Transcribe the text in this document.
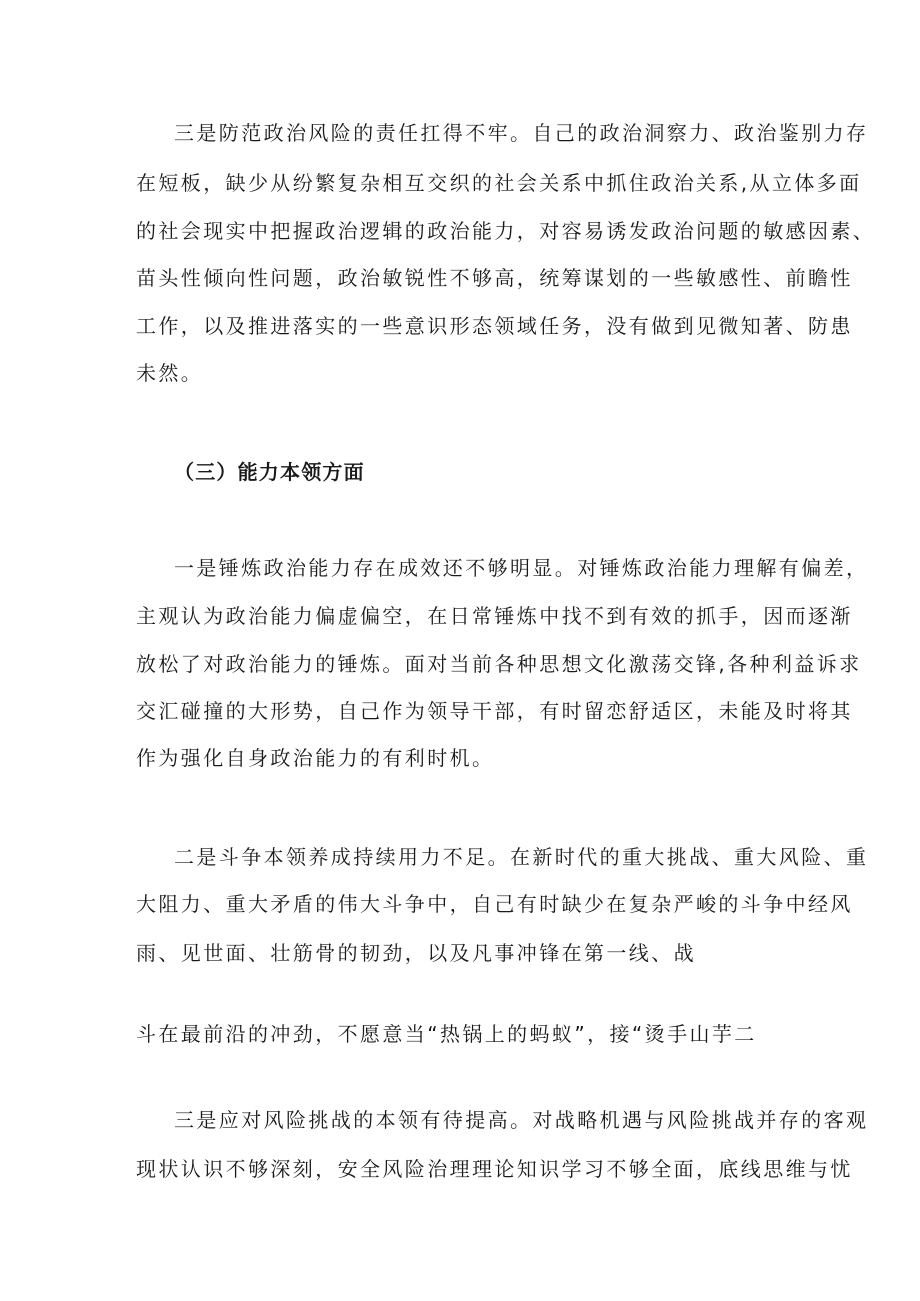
三是防范政治风险的责任扛得不牢。自己的政治洞察力、政治鉴别力存
在短板，缺少从纷繁复杂相互交织的社会关系中抓住政治关系,从立体多面
的社会现实中把握政治逻辑的政治能力，对容易诱发政治问题的敏感因素、
苗头性倾向性问题，政治敏锐性不够高，统筹谋划的一些敏感性、前瞻性
工作，以及推进落实的一些意识形态领域任务，没有做到见微知著、防患
未然。
（三）能力本领方面
一是锤炼政治能力存在成效还不够明显。对锤炼政治能力理解有偏差，
主观认为政治能力偏虚偏空，在日常锤炼中找不到有效的抓手，因而逐渐
放松了对政治能力的锤炼。面对当前各种思想文化激荡交锋,各种利益诉求
交汇碰撞的大形势，自己作为领导干部，有时留恋舒适区，未能及时将其
作为强化自身政治能力的有利时机。
二是斗争本领养成持续用力不足。在新时代的重大挑战、重大风险、重
大阻力、重大矛盾的伟大斗争中，自己有时缺少在复杂严峻的斗争中经风
雨、见世面、壮筋骨的韧劲，以及凡事冲锋在第一线、战
斗在最前沿的冲劲，不愿意当“热锅上的蚂蚁”，接“烫手山芋二
三是应对风险挑战的本领有待提高。对战略机遇与风险挑战并存的客观
现状认识不够深刻，安全风险治理理论知识学习不够全面，底线思维与忧
